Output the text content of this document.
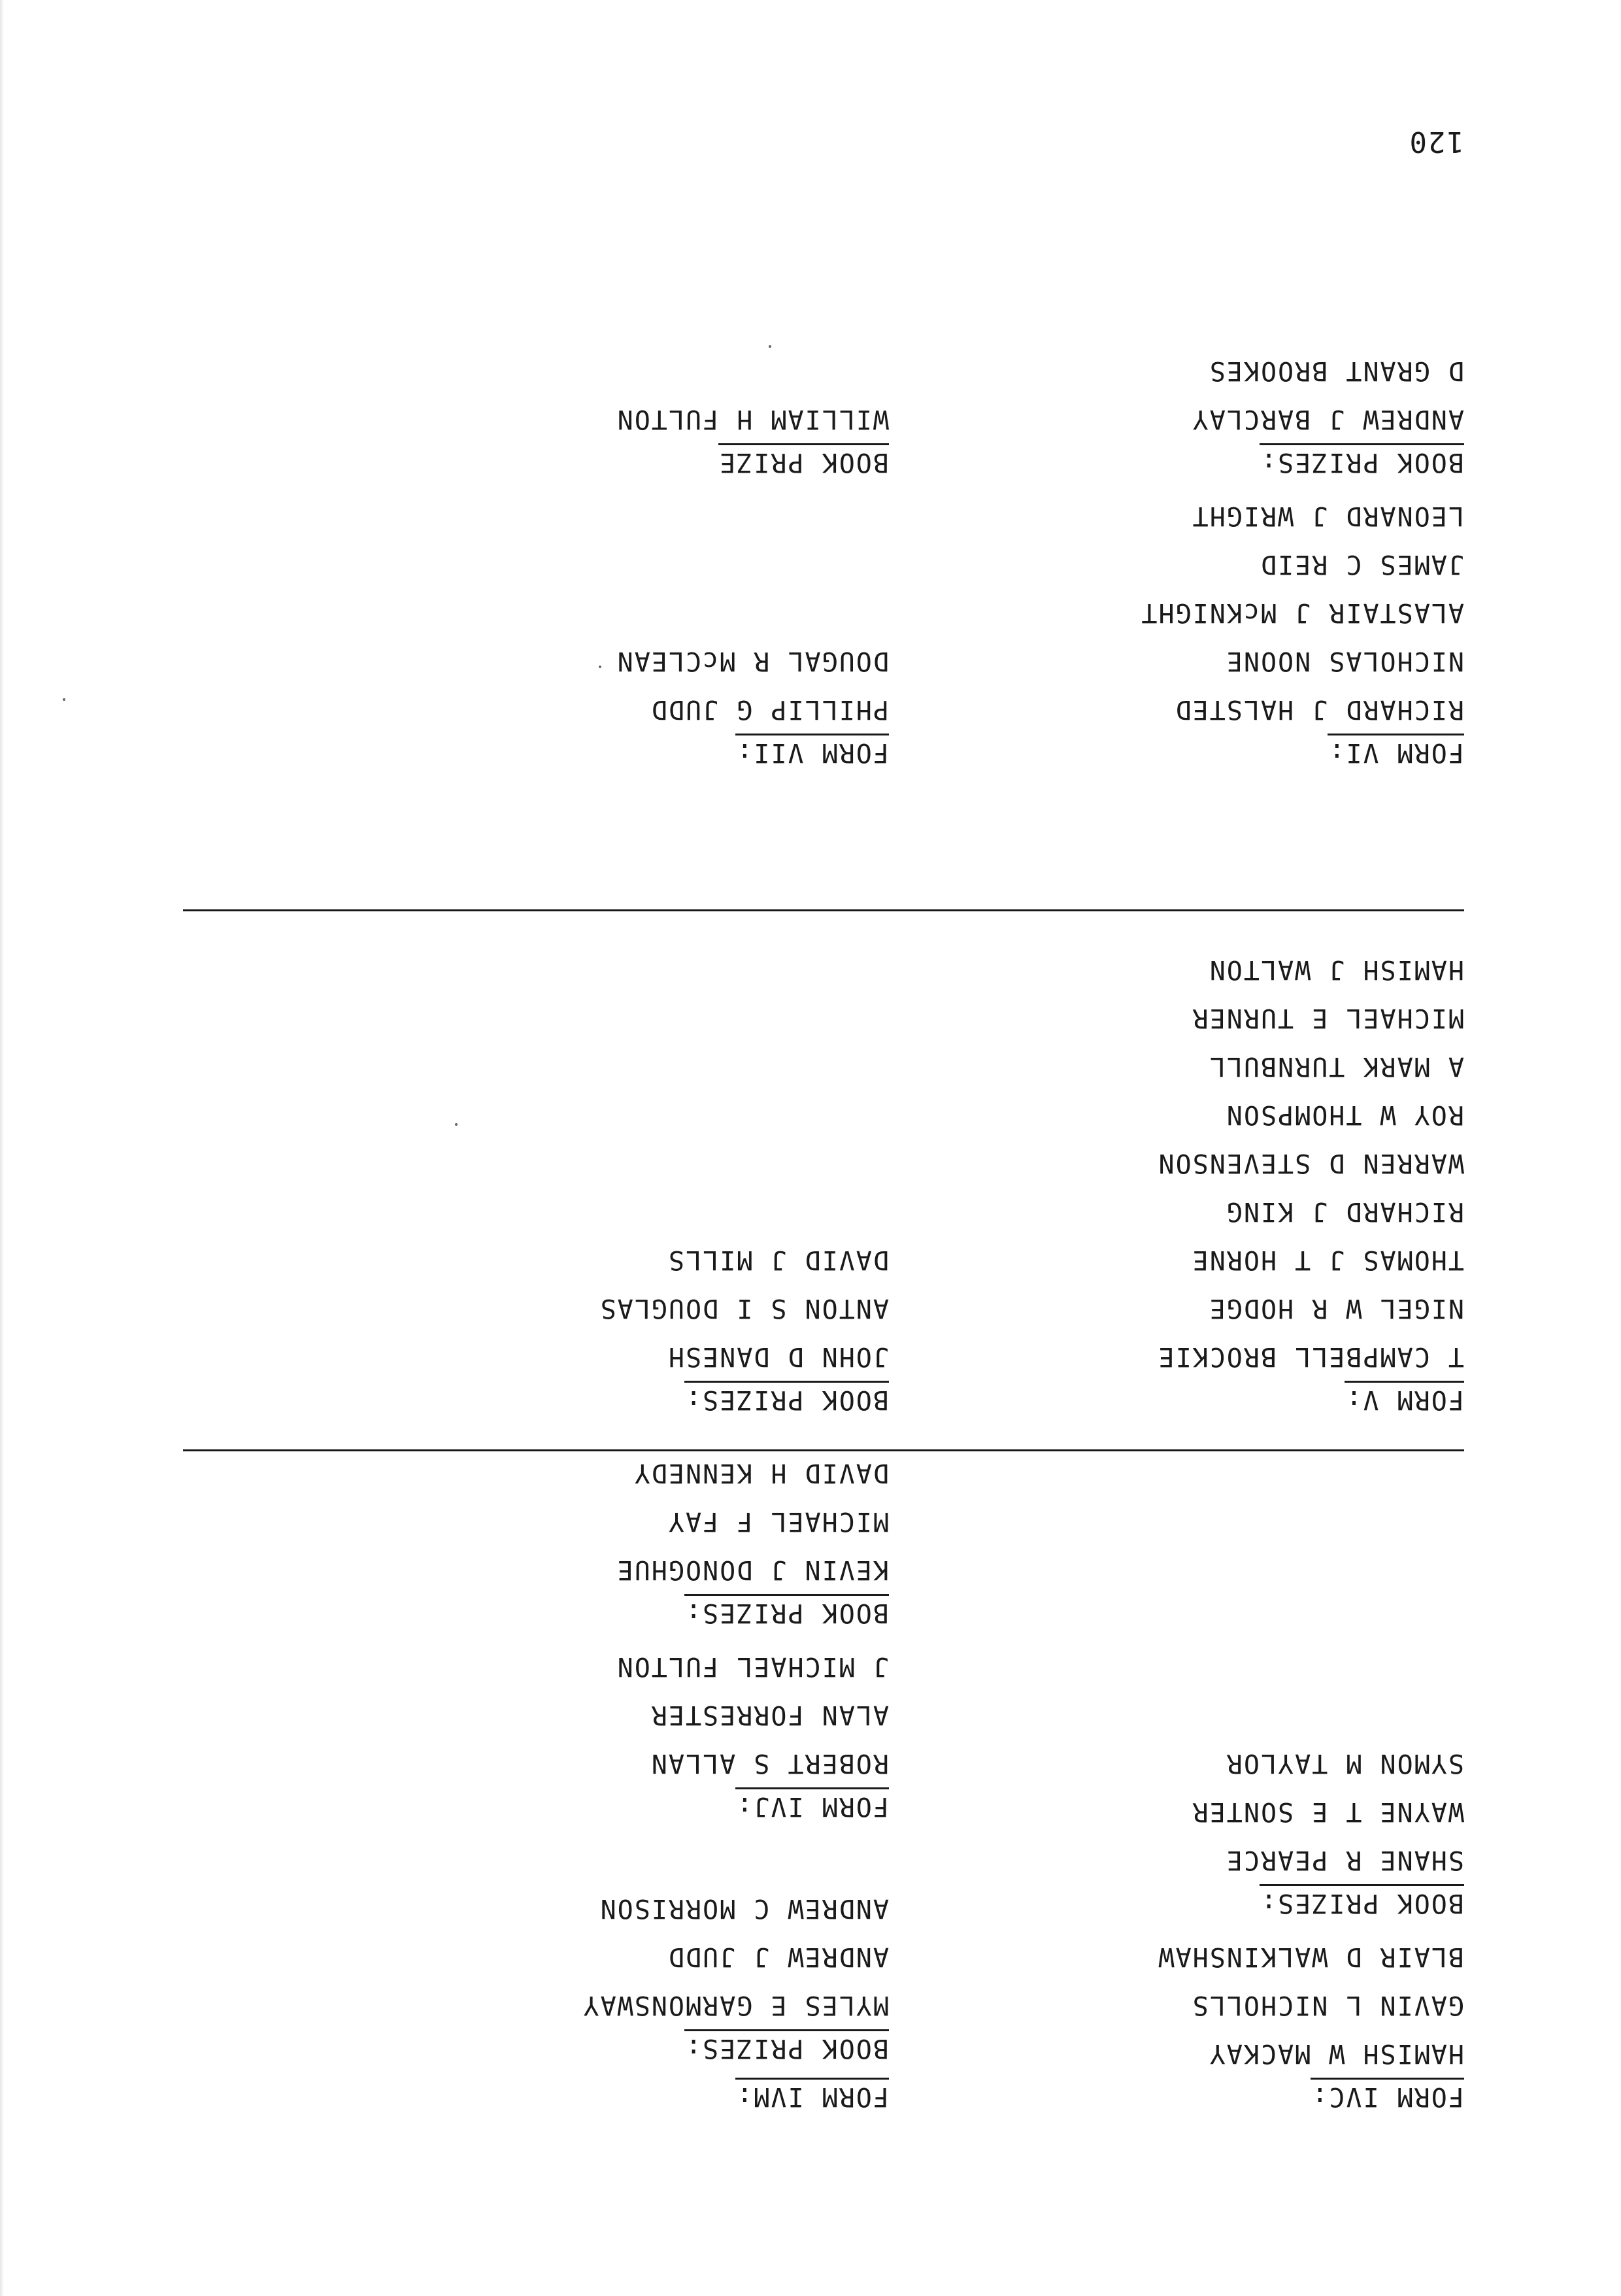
FORM IVC:
HAMISH W MACKAY
GAVIN L NICHOLLS
BLAIR D WALKINSHAW
BOOK PRIZES:
SHANE R PEARCE
WAYNE T E SONTER
SYMON M TAYLOR
FORM IVM:
BOOK PRIZES:
MYLES E GARMONSWAY
ANDREW J JUDD
ANDREW C MORRISON
FORM IVJ:
ROBERT S ALLAN
ALAN FORRESTER
J MICHAEL FULTON
BOOK PRIZES:
KEVIN J DONOGHUE
MICHAEL F FAY
DAVID H KENNEDY
FORM V:
T CAMPBELL BROCKIE
NIGEL W R HODGE
THOMAS J T HORNE
RICHARD J KING
WARREN D STEVENSON
ROY W THOMPSON
A MARK TURNBULL
MICHAEL E TURNER
HAMISH J WALTON
BOOK PRIZES:
JOHN D DANESH
ANTON S I DOUGLAS
DAVID J MILLS
FORM VI:
RICHARD J HALSTED
NICHOLAS NOONE
ALASTAIR J McKNIGHT
JAMES C REID
LEONARD J WRIGHT
BOOK PRIZES:
ANDREW J BARCLAY
D GRANT BROOKES
FORM VII:
PHILLIP G JUDD
DOUGAL R McCLEAN
BOOK PRIZE
WILLIAM H FULTON
120
